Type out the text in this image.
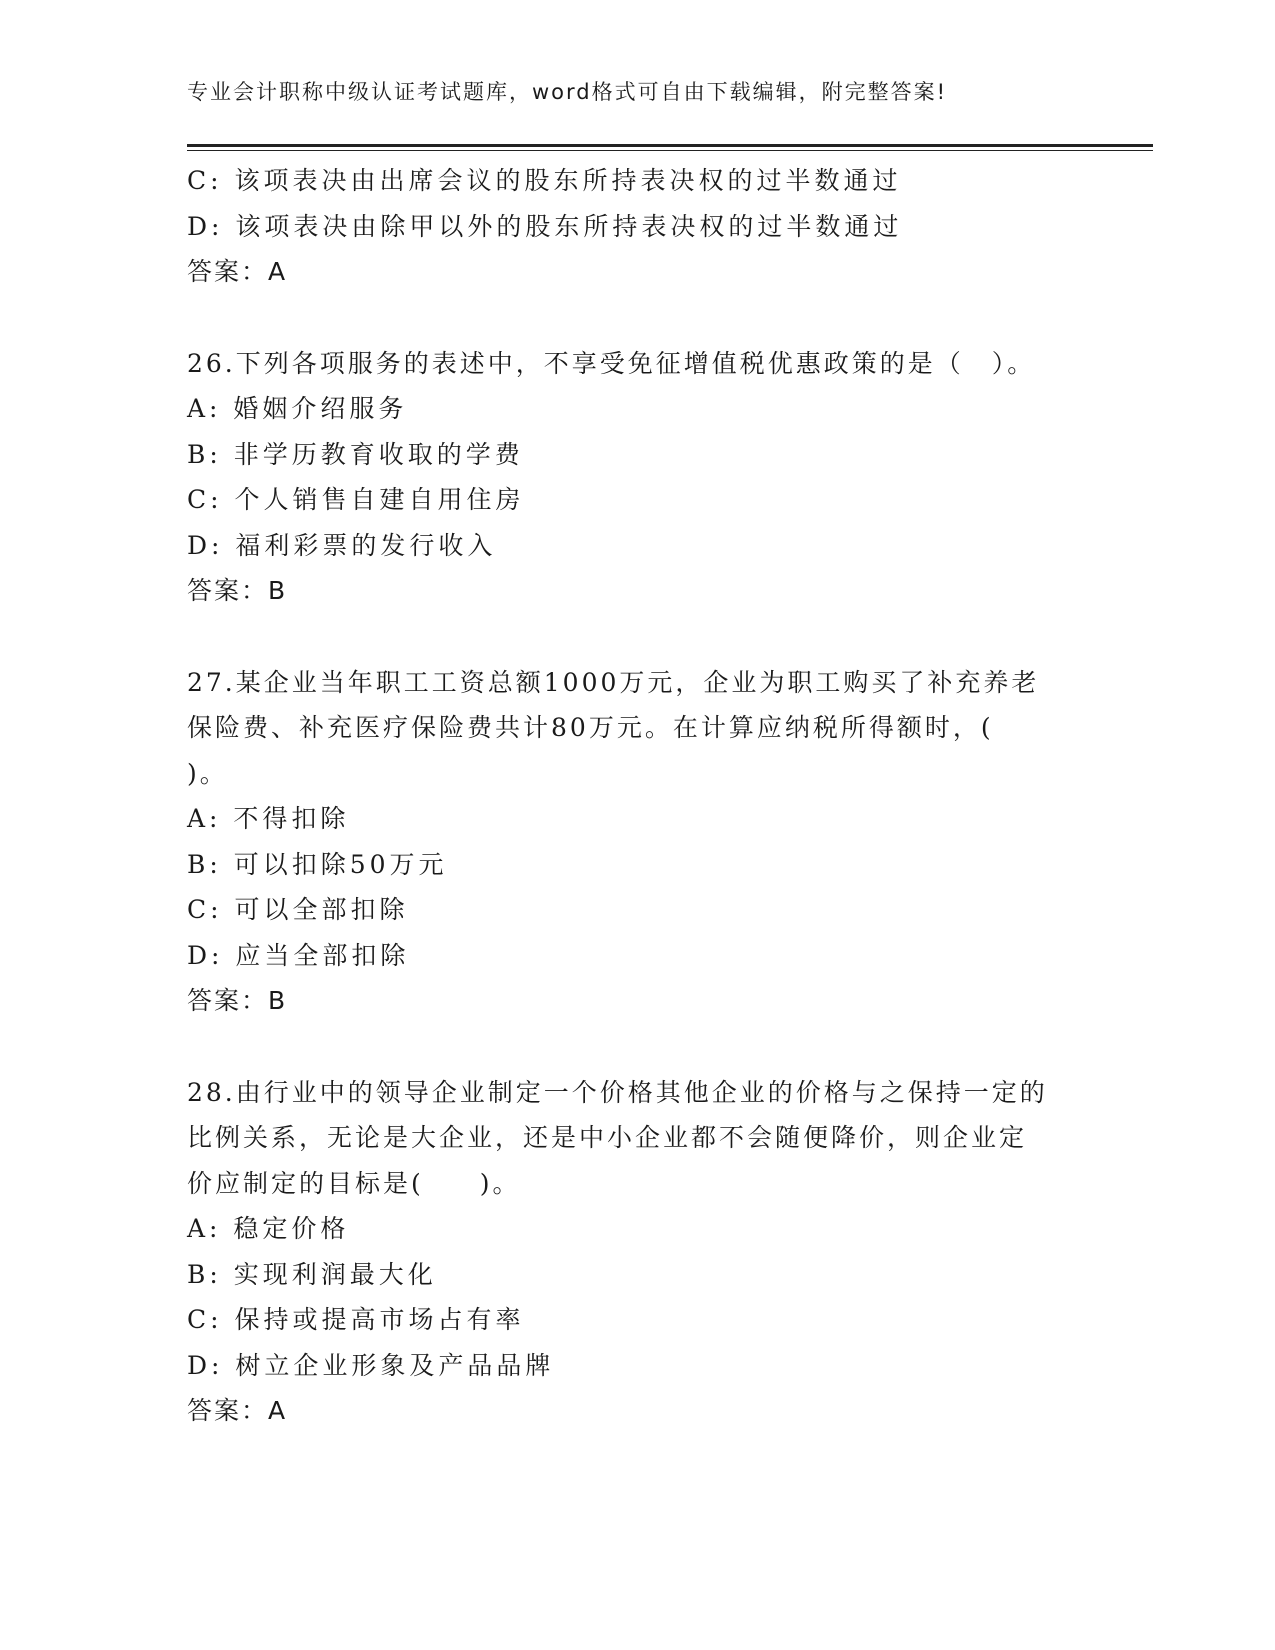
专业会计职称中级认证考试题库，word格式可自由下载编辑，附完整答案!
C: 该项表决由出席会议的股东所持表决权的过半数通过
D: 该项表决由除甲以外的股东所持表决权的过半数通过
答案：A
26.下列各项服务的表述中，不享受免征增值税优惠政策的是（　）。
A: 婚姻介绍服务
B: 非学历教育收取的学费
C: 个人销售自建自用住房
D: 福利彩票的发行收入
答案：B
27.某企业当年职工工资总额1000万元，企业为职工购买了补充养老
保险费、补充医疗保险费共计80万元。在计算应纳税所得额时，(
)。
A: 不得扣除
B: 可以扣除50万元
C: 可以全部扣除
D: 应当全部扣除
答案：B
28.由行业中的领导企业制定一个价格其他企业的价格与之保持一定的
比例关系，无论是大企业，还是中小企业都不会随便降价，则企业定
价应制定的目标是(　　)。
A: 稳定价格
B: 实现利润最大化
C: 保持或提高市场占有率
D: 树立企业形象及产品品牌
答案：A
